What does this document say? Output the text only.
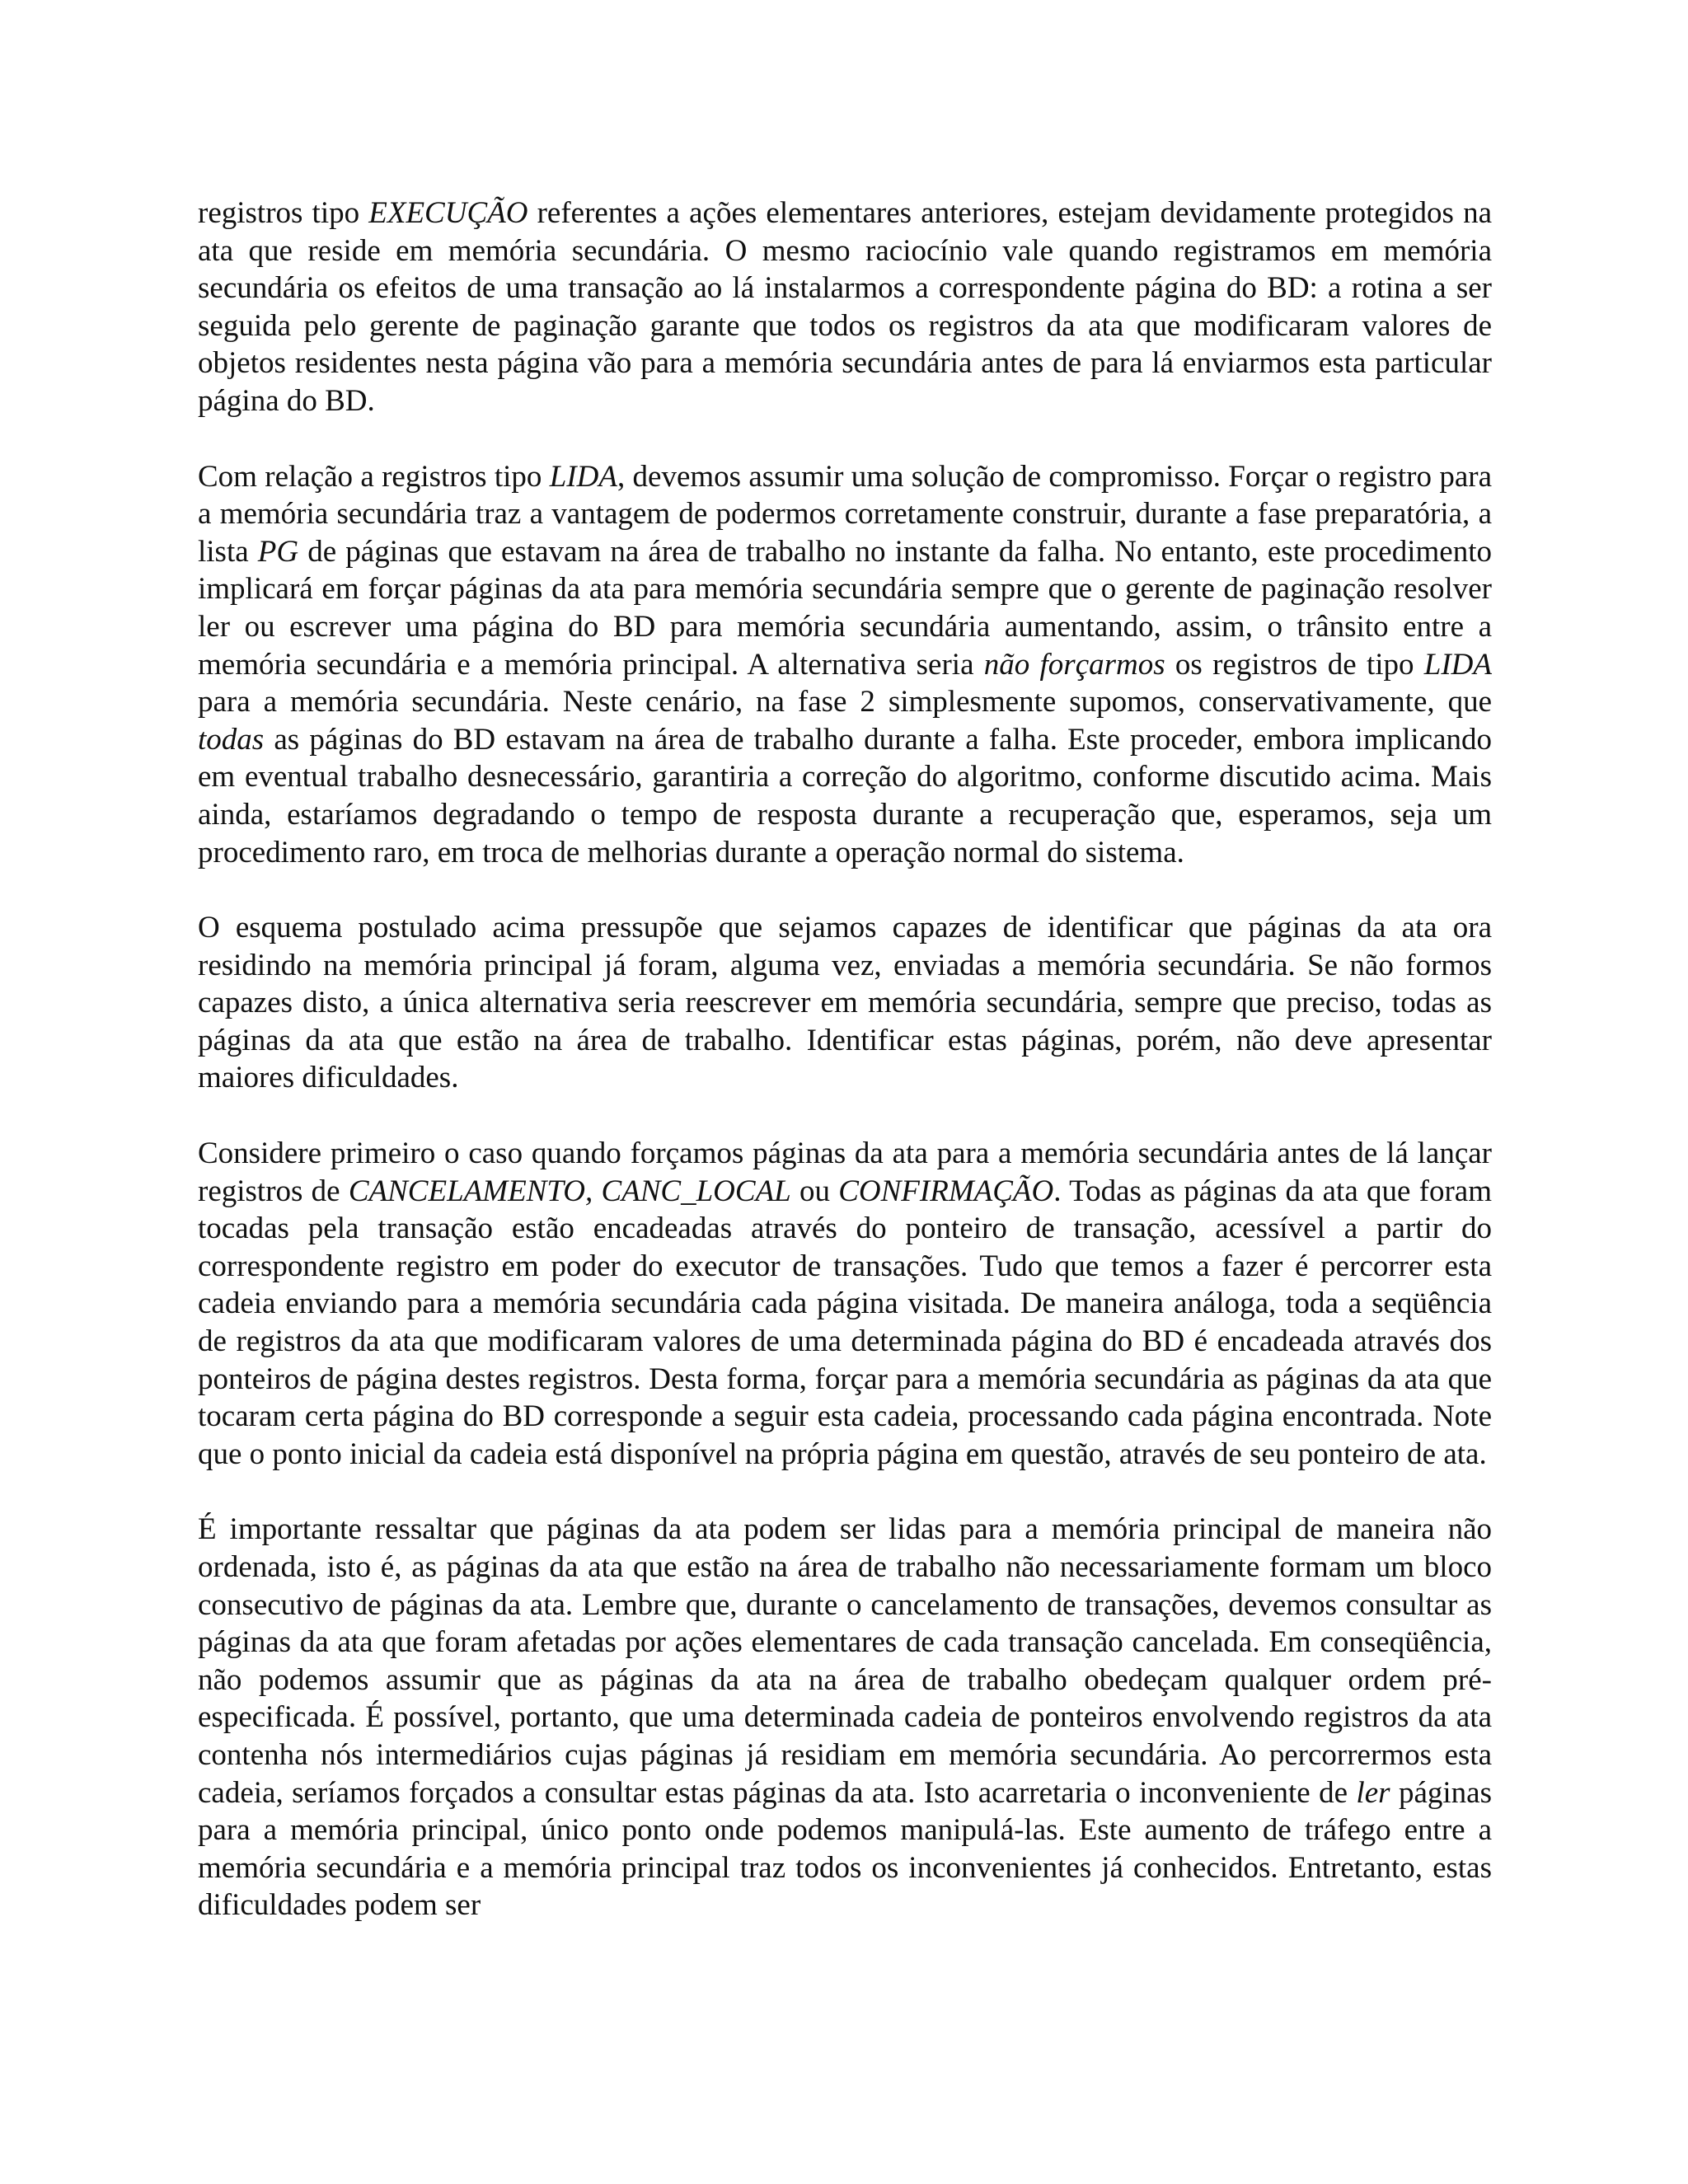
registros tipo EXECUÇÃO referentes a ações elementares anteriores, estejam devidamente protegidos na ata que reside em memória secundária. O mesmo raciocínio vale quando registramos em memória secundária os efeitos de uma transação ao lá instalarmos a correspondente página do BD: a rotina a ser seguida pelo gerente de paginação garante que todos os registros da ata que modificaram valores de objetos residentes nesta página vão para a memória secundária antes de para lá enviarmos esta particular página do BD.

Com relação a registros tipo LIDA, devemos assumir uma solução de compromisso. Forçar o registro para a memória secundária traz a vantagem de podermos corretamente construir, durante a fase preparatória, a lista PG de páginas que estavam na área de trabalho no instante da falha. No entanto, este procedimento implicará em forçar páginas da ata para memória secundária sempre que o gerente de paginação resolver ler ou escrever uma página do BD para memória secundária aumentando, assim, o trânsito entre a memória secundária e a memória principal. A alternativa seria não forçarmos os registros de tipo LIDA para a memória secundária. Neste cenário, na fase 2 simplesmente supomos, conservativamente, que todas as páginas do BD estavam na área de trabalho durante a falha. Este proceder, embora implicando em eventual trabalho desnecessário, garantiria a correção do algoritmo, conforme discutido acima. Mais ainda, estaríamos degradando o tempo de resposta durante a recuperação que, esperamos, seja um procedimento raro, em troca de melhorias durante a operação normal do sistema.

O esquema postulado acima pressupõe que sejamos capazes de identificar que páginas da ata ora residindo na memória principal já foram, alguma vez, enviadas a memória secundária. Se não formos capazes disto, a única alternativa seria reescrever em memória secundária, sempre que preciso, todas as páginas da ata que estão na área de trabalho. Identificar estas páginas, porém, não deve apresentar maiores dificuldades.

Considere primeiro o caso quando forçamos páginas da ata para a memória secundária antes de lá lançar registros de CANCELAMENTO, CANC_LOCAL ou CONFIRMAÇÃO. Todas as páginas da ata que foram tocadas pela transação estão encadeadas através do ponteiro de transação, acessível a partir do correspondente registro em poder do executor de transações. Tudo que temos a fazer é percorrer esta cadeia enviando para a memória secundária cada página visitada. De maneira análoga, toda a seqüência de registros da ata que modificaram valores de uma determinada página do BD é encadeada através dos ponteiros de página destes registros. Desta forma, forçar para a memória secundária as páginas da ata que tocaram certa página do BD corresponde a seguir esta cadeia, processando cada página encontrada. Note que o ponto inicial da cadeia está disponível na própria página em questão, através de seu ponteiro de ata.

É importante ressaltar que páginas da ata podem ser lidas para a memória principal de maneira não ordenada, isto é, as páginas da ata que estão na área de trabalho não necessariamente formam um bloco consecutivo de páginas da ata. Lembre que, durante o cancelamento de transações, devemos consultar as páginas da ata que foram afetadas por ações elementares de cada transação cancelada. Em conseqüência, não podemos assumir que as páginas da ata na área de trabalho obedeçam qualquer ordem pré-especificada. É possível, portanto, que uma determinada cadeia de ponteiros envolvendo registros da ata contenha nós intermediários cujas páginas já residiam em memória secundária. Ao percorrermos esta cadeia, seríamos forçados a consultar estas páginas da ata. Isto acarretaria o inconveniente de ler páginas para a memória principal, único ponto onde podemos manipulá-las. Este aumento de tráfego entre a memória secundária e a memória principal traz todos os inconvenientes já conhecidos. Entretanto, estas dificuldades podem ser
